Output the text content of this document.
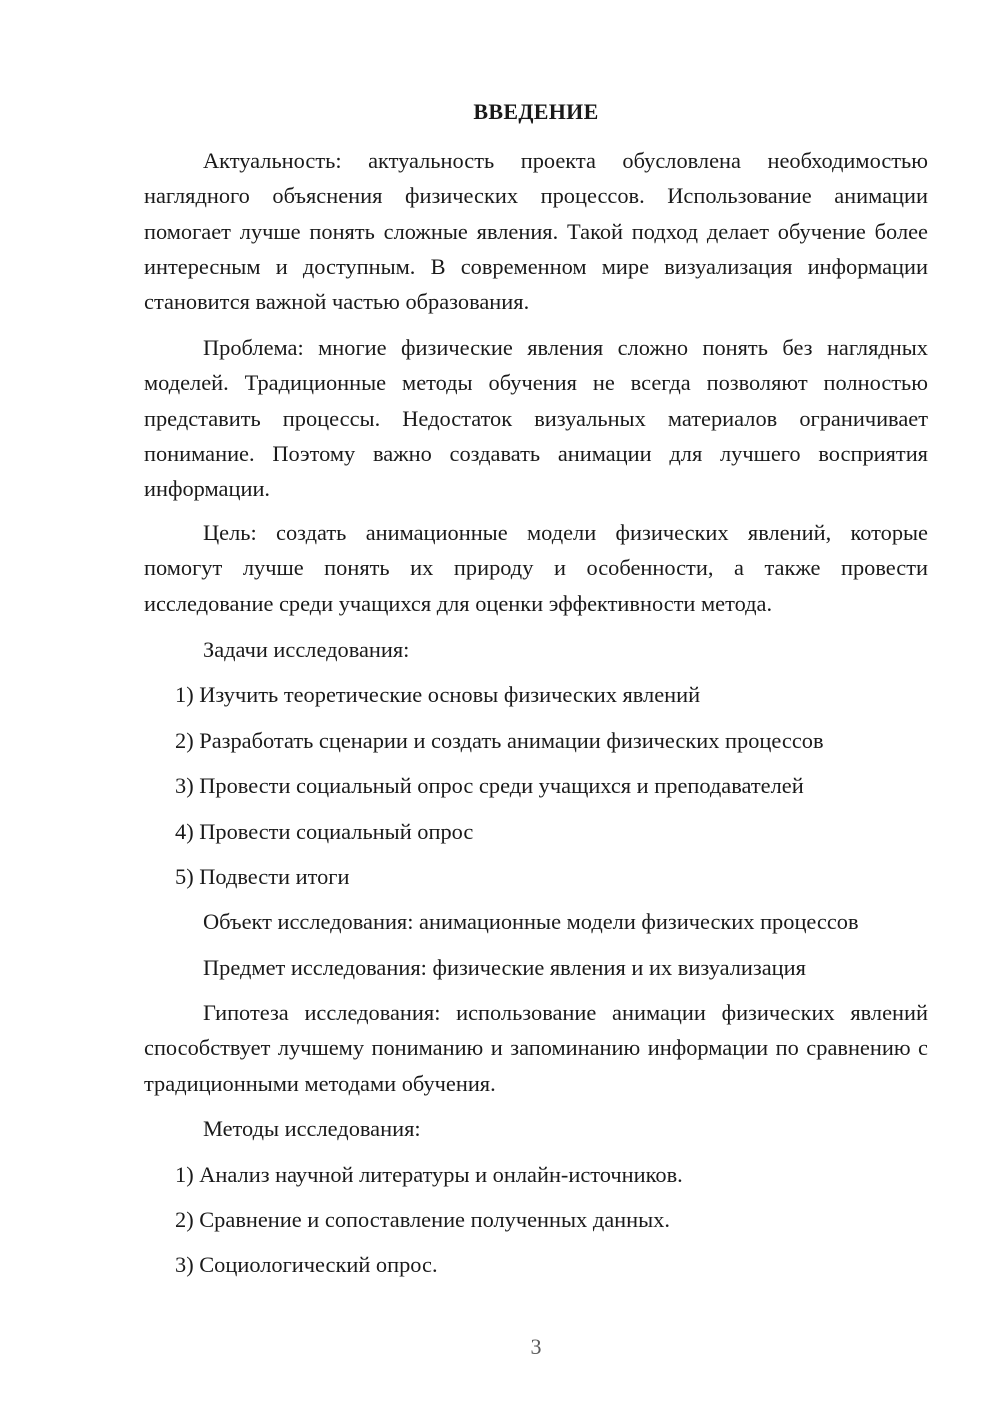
ВВЕДЕНИЕ

Актуальность: актуальность проекта обусловлена необходимостью наглядного объяснения физических процессов. Использование анимации помогает лучше понять сложные явления. Такой подход делает обучение более интересным и доступным. В современном мире визуализация информации становится важной частью образования.

Проблема: многие физические явления сложно понять без наглядных моделей. Традиционные методы обучения не всегда позволяют полностью представить процессы. Недостаток визуальных материалов ограничивает понимание. Поэтому важно создавать анимации для лучшего восприятия информации.

Цель: создать анимационные модели физических явлений, которые помогут лучше понять их природу и особенности, а также провести исследование среди учащихся для оценки эффективности метода.

Задачи исследования:

1) Изучить теоретические основы физических явлений

2) Разработать сценарии и создать анимации физических процессов

3) Провести социальный опрос среди учащихся и преподавателей

4) Провести социальный опрос

5) Подвести итоги

Объект исследования: анимационные модели физических процессов

Предмет исследования: физические явления и их визуализация

Гипотеза исследования: использование анимации физических явлений способствует лучшему пониманию и запоминанию информации по сравнению с традиционными методами обучения.

Методы исследования:

1) Анализ научной литературы и онлайн-источников.

2) Сравнение и сопоставление полученных данных.

3) Социологический опрос.

3
